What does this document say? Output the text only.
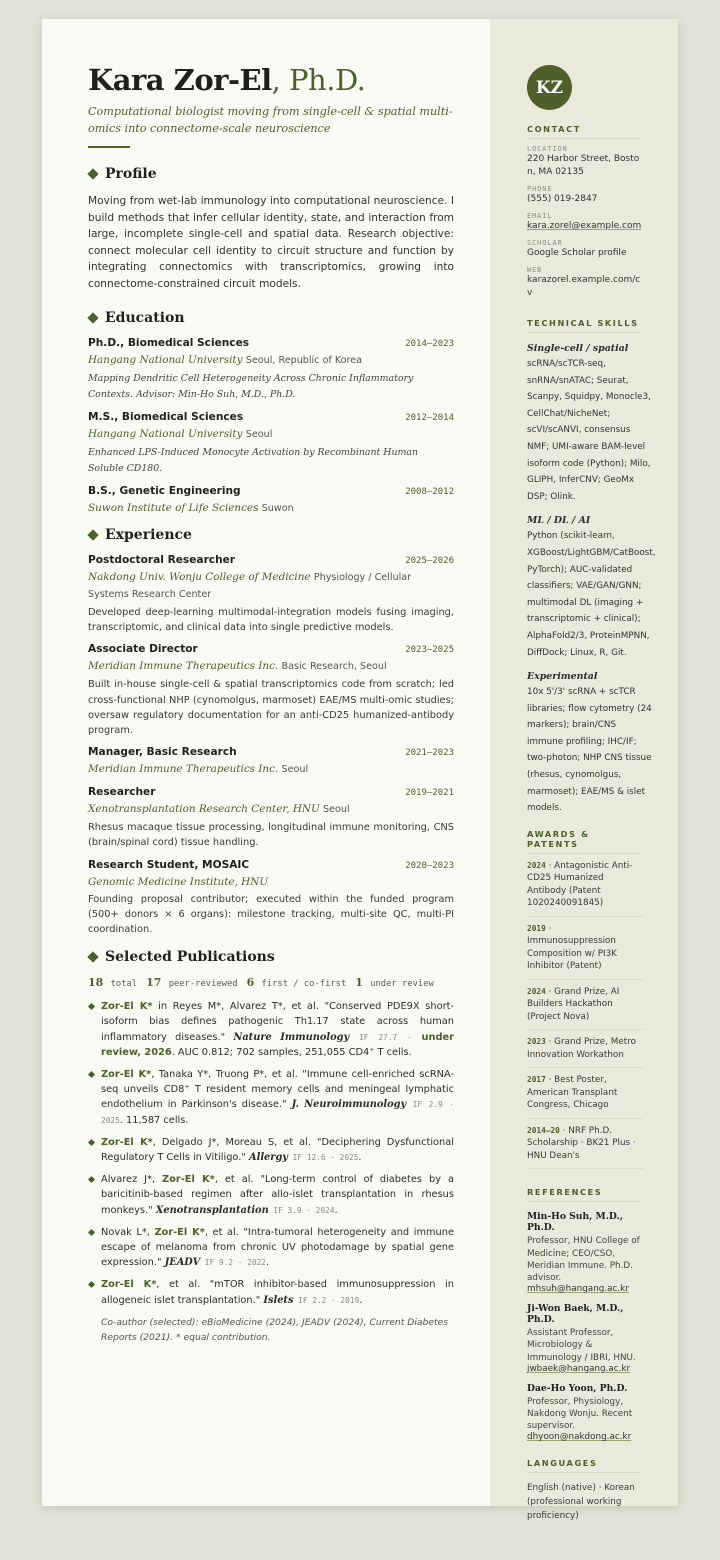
Kara Zor-El, Ph.D.
Computational biologist moving from single-cell & spatial multi-omics into connectome-scale neuroscience
Profile
Moving from wet-lab immunology into computational neuroscience. I build methods that infer cellular identity, state, and interaction from large, incomplete single-cell and spatial data. Research objective: connect molecular cell identity to circuit structure and function by integrating connectomics with transcriptomics, growing into connectome-constrained circuit models.
Education
Ph.D., Biomedical Sciences	2014–2023
Hangang National University Seoul, Republic of Korea
Mapping Dendritic Cell Heterogeneity Across Chronic Inflammatory Contexts. Advisor: Min-Ho Suh, M.D., Ph.D.
M.S., Biomedical Sciences	2012–2014
Hangang National University Seoul
Enhanced LPS-Induced Monocyte Activation by Recombinant Human Soluble CD180.
B.S., Genetic Engineering	2008–2012
Suwon Institute of Life Sciences Suwon
Experience
Postdoctoral Researcher	2025–2026
Nakdong Univ. Wonju College of Medicine Physiology / Cellular Systems Research Center
Developed deep-learning multimodal-integration models fusing imaging, transcriptomic, and clinical data into single predictive models.
Associate Director	2023–2025
Meridian Immune Therapeutics Inc. Basic Research, Seoul
Built in-house single-cell & spatial transcriptomics code from scratch; led cross-functional NHP (cynomolgus, marmoset) EAE/MS multi-omic studies; oversaw regulatory documentation for an anti-CD25 humanized-antibody program.
Manager, Basic Research	2021–2023
Meridian Immune Therapeutics Inc. Seoul
Researcher	2019–2021
Xenotransplantation Research Center, HNU Seoul
Rhesus macaque tissue processing, longitudinal immune monitoring, CNS (brain/spinal cord) tissue handling.
Research Student, MOSAIC	2020–2023
Genomic Medicine Institute, HNU
Founding proposal contributor; executed within the funded program (500+ donors × 6 organs): milestone tracking, multi-site QC, multi-PI coordination.
Selected Publications
18 total 17 peer-reviewed 6 first / co-first 1 under review
Zor-El K* in Reyes M*, Alvarez T*, et al. "Conserved PDE9X short-isoform bias defines pathogenic Th1.17 state across human inflammatory diseases." Nature Immunology IF 27.7 · under review, 2026. AUC 0.812; 702 samples, 251,055 CD4⁺ T cells.
Zor-El K*, Tanaka Y*, Truong P*, et al. "Immune cell-enriched scRNA-seq unveils CD8⁺ T resident memory cells and meningeal lymphatic endothelium in Parkinson's disease." J. Neuroimmunology IF 2.9 · 2025. 11,587 cells.
Zor-El K*, Delgado J*, Moreau S, et al. "Deciphering Dysfunctional Regulatory T Cells in Vitiligo." Allergy IF 12.6 · 2025.
Alvarez J*, Zor-El K*, et al. "Long-term control of diabetes by a baricitinib-based regimen after allo-islet transplantation in rhesus monkeys." Xenotransplantation IF 3.9 · 2024.
Novak L*, Zor-El K*, et al. "Intra-tumoral heterogeneity and immune escape of melanoma from chronic UV photodamage by spatial gene expression." JEADV IF 9.2 · 2022.
Zor-El K*, et al. "mTOR inhibitor-based immunosuppression in allogeneic islet transplantation." Islets IF 2.2 · 2019.
Co-author (selected): eBioMedicine (2024), JEADV (2024), Current Diabetes Reports (2021). * equal contribution.
KZ
CONTACT
LOCATION
220 Harbor Street, Boston, MA 02135
PHONE
(555) 019-2847
EMAIL
kara.zorel@example.com
SCHOLAR
Google Scholar profile
WEB
karazorel.example.com/cv
TECHNICAL SKILLS
Single-cell / spatial
scRNA/scTCR-seq, snRNA/snATAC; Seurat, Scanpy, Squidpy, Monocle3, CellChat/NicheNet; scVI/scANVI, consensus NMF; UMI-aware BAM-level isoform code (Python); Milo, GLIPH, InferCNV; GeoMx DSP; Olink.
ML / DL / AI
Python (scikit-learn, XGBoost/LightGBM/CatBoost, PyTorch); AUC-validated classifiers; VAE/GAN/GNN; multimodal DL (imaging + transcriptomic + clinical); AlphaFold2/3, ProteinMPNN, DiffDock; Linux, R, Git.
Experimental
10x 5'/3' scRNA + scTCR libraries; flow cytometry (24 markers); brain/CNS immune profiling; IHC/IF; two-photon; NHP CNS tissue (rhesus, cynomolgus, marmoset); EAE/MS & islet models.
AWARDS & PATENTS
2024 · Antagonistic Anti-CD25 Humanized Antibody (Patent 1020240091845)
2019 · Immunosuppression Composition w/ PI3K Inhibitor (Patent)
2024 · Grand Prize, AI Builders Hackathon (Project Nova)
2023 · Grand Prize, Metro Innovation Workathon
2017 · Best Poster, American Transplant Congress, Chicago
2014–20 · NRF Ph.D. Scholarship · BK21 Plus · HNU Dean's
REFERENCES
Min-Ho Suh, M.D., Ph.D.
Professor, HNU College of Medicine; CEO/CSO, Meridian Immune. Ph.D. advisor.
mhsuh@hangang.ac.kr
Ji-Won Baek, M.D., Ph.D.
Assistant Professor, Microbiology & Immunology / IBRI, HNU.
jwbaek@hangang.ac.kr
Dae-Ho Yoon, Ph.D.
Professor, Physiology, Nakdong Wonju. Recent supervisor.
dhyoon@nakdong.ac.kr
LANGUAGES
English (native) · Korean (professional working proficiency)
